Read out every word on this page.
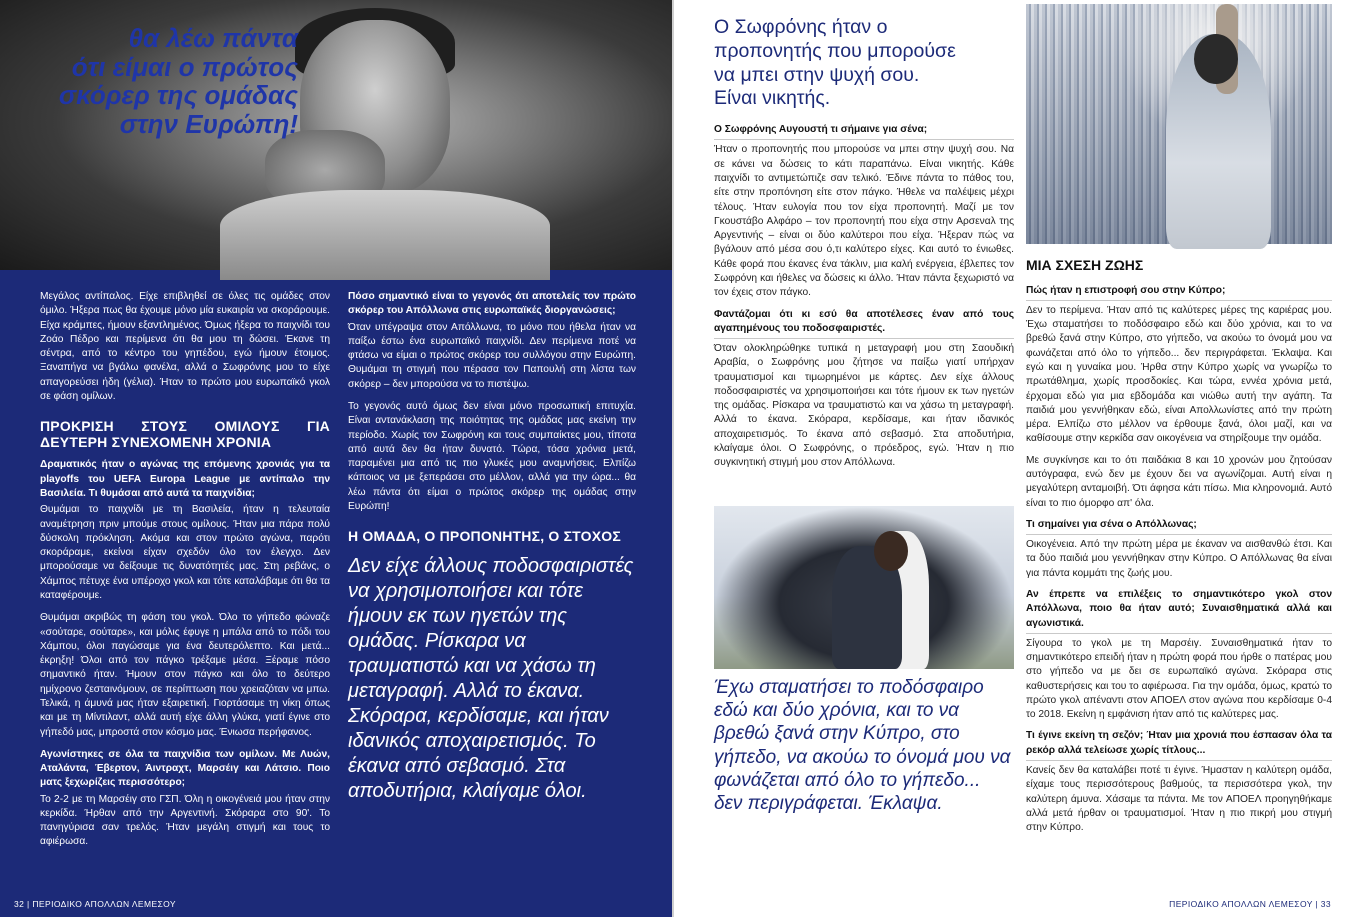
θα λέω πάντα
ότι είμαι ο πρώτος
σκόρερ της ομάδας
στην Ευρώπη!

Μεγάλος αντίπαλος. Είχε επιβληθεί σε όλες τις ομάδες στον όμιλο. Ήξερα πως θα έχουμε μόνο μία ευκαιρία να σκοράρουμε. Είχα κράμπες, ήμουν εξαντλημένος. Όμως ήξερα το παιχνίδι του Ζοάο Πέδρο και περίμενα ότι θα μου τη δώσει. Έκανε τη σέντρα, από το κέντρο του γηπέδου, εγώ ήμουν έτοιμος. Ξαναπήγα να βγάλω φανέλα, αλλά ο Σωφρόνης μου το είχε απαγορεύσει ήδη (γέλια). Ήταν το πρώτο μου ευρωπαϊκό γκολ σε φάση ομίλων.

ΠΡΟΚΡΙΣΗ ΣΤΟΥΣ ΟΜΙΛΟΥΣ ΓΙΑ ΔΕΥΤΕΡΗ ΣΥΝΕΧΟΜΕΝΗ ΧΡΟΝΙΑ

Δραματικός ήταν ο αγώνας της επόμενης χρονιάς για τα playoffs του UEFA Europa League με αντίπαλο την Βασιλεία. Τι θυμάσαι από αυτά τα παιχνίδια;

Θυμάμαι το παιχνίδι με τη Βασιλεία, ήταν η τελευταία αναμέτρηση πριν μπούμε στους ομίλους. Ήταν μια πάρα πολύ δύσκολη πρόκληση. Ακόμα και στον πρώτο αγώνα, παρότι σκοράραμε, εκείνοι είχαν σχεδόν όλο τον έλεγχο. Δεν μπορούσαμε να δείξουμε τις δυνατότητές μας. Στη ρεβάνς, ο Χάμπος πέτυχε ένα υπέροχο γκολ και τότε καταλάβαμε ότι θα τα καταφέρουμε.

Θυμάμαι ακριβώς τη φάση του γκολ. Όλο το γήπεδο φώναζε «σούταρε, σούταρε», και μόλις έφυγε η μπάλα από το πόδι του Χάμπου, όλοι παγώσαμε για ένα δευτερόλεπτο. Και μετά... έκρηξη! Όλοι από τον πάγκο τρέξαμε μέσα. Ξέραμε πόσο σημαντικό ήταν. Ήμουν στον πάγκο και όλο το δεύτερο ημίχρονο ζεσταινόμουν, σε περίπτωση που χρειαζόταν να μπω. Τελικά, η άμυνά μας ήταν εξαιρετική. Γιορτάσαμε τη νίκη όπως και με τη Μίντιλαντ, αλλά αυτή είχε άλλη γλύκα, γιατί έγινε στο γήπεδό μας, μπροστά στον κόσμο μας. Ένιωσα περήφανος.

Αγωνίστηκες σε όλα τα παιχνίδια των ομίλων. Με Λυών, Αταλάντα, Έβερτον, Άιντραχτ, Μαρσέιγ και Λάτσιο. Ποιο ματς ξεχωρίζεις περισσότερο;

Το 2-2 με τη Μαρσέιγ στο ΓΣΠ. Όλη η οικογένειά μου ήταν στην κερκίδα. Ήρθαν από την Αργεντινή. Σκόραρα στο 90'. Το πανηγύρισα σαν τρελός. Ήταν μεγάλη στιγμή και τους το αφιέρωσα.

Πόσο σημαντικό είναι το γεγονός ότι αποτελείς τον πρώτο σκόρερ του Απόλλωνα στις ευρωπαϊκές διοργανώσεις;

Όταν υπέγραψα στον Απόλλωνα, το μόνο που ήθελα ήταν να παίξω έστω ένα ευρωπαϊκό παιχνίδι. Δεν περίμενα ποτέ να φτάσω να είμαι ο πρώτος σκόρερ του συλλόγου στην Ευρώπη. Θυμάμαι τη στιγμή που πέρασα τον Παπουλή στη λίστα των σκόρερ – δεν μπορούσα να το πιστέψω.

Το γεγονός αυτό όμως δεν είναι μόνο προσωπική επιτυχία. Είναι αντανάκλαση της ποιότητας της ομάδας μας εκείνη την περίοδο. Χωρίς τον Σωφρόνη και τους συμπαίκτες μου, τίποτα από αυτά δεν θα ήταν δυνατό. Τώρα, τόσα χρόνια μετά, παραμένει μια από τις πιο γλυκές μου αναμνήσεις. Ελπίζω κάποιος να με ξεπεράσει στο μέλλον, αλλά για την ώρα... θα λέω πάντα ότι είμαι ο πρώτος σκόρερ της ομάδας στην Ευρώπη!

Η ΟΜΑΔΑ, Ο ΠΡΟΠΟΝΗΤΗΣ, Ο ΣΤΟΧΟΣ
Δεν είχε άλλους ποδοσφαιριστές να χρησιμοποιήσει και τότε ήμουν εκ των ηγετών της ομάδας. Ρίσκαρα να τραυματιστώ και να χάσω τη μεταγραφή. Αλλά το έκανα. Σκόραρα, κερδίσαμε, και ήταν ιδανικός αποχαιρετισμός. Το έκανα από σεβασμό. Στα αποδυτήρια, κλαίγαμε όλοι.
32 | ΠΕΡΙΟΔΙΚΟ ΑΠΟΛΛΩΝ ΛΕΜΕΣΟΥ
Ο Σωφρόνης ήταν ο
προπονητής που μπορούσε
να μπει στην ψυχή σου.
Είναι νικητής.

Ο Σωφρόνης Αυγουστή τι σήμαινε για σένα;

Ήταν ο προπονητής που μπορούσε να μπει στην ψυχή σου. Να σε κάνει να δώσεις το κάτι παραπάνω. Είναι νικητής. Κάθε παιχνίδι το αντιμετώπιζε σαν τελικό. Έδινε πάντα το πάθος του, είτε στην προπόνηση είτε στον πάγκο. Ήθελε να παλέψεις μέχρι τέλους. Ήταν ευλογία που τον είχα προπονητή. Μαζί με τον Γκουστάβο Αλφάρο – τον προπονητή που είχα στην Αρσεναλ της Αργεντινής – είναι οι δύο καλύτεροι που είχα. Ήξεραν πώς να βγάλουν από μέσα σου ό,τι καλύτερο είχες. Και αυτό το ένιωθες. Κάθε φορά που έκανες ένα τάκλιν, μια καλή ενέργεια, έβλεπες τον Σωφρόνη και ήθελες να δώσεις κι άλλο. Ήταν πάντα ξεχωριστό να τον έχεις στον πάγκο.

Φαντάζομαι ότι κι εσύ θα αποτέλεσες έναν από τους αγαπημένους του ποδοσφαιριστές.

Όταν ολοκληρώθηκε τυπικά η μεταγραφή μου στη Σαουδική Αραβία, ο Σωφρόνης μου ζήτησε να παίξω γιατί υπήρχαν τραυματισμοί και τιμωρημένοι με κάρτες. Δεν είχε άλλους ποδοσφαιριστές να χρησιμοποιήσει και τότε ήμουν εκ των ηγετών της ομάδας. Ρίσκαρα να τραυματιστώ και να χάσω τη μεταγραφή. Αλλά το έκανα. Σκόραρα, κερδίσαμε, και ήταν ιδανικός αποχαιρετισμός. Το έκανα από σεβασμό. Στα αποδυτήρια, κλαίγαμε όλοι. Ο Σωφρόνης, ο πρόεδρος, εγώ. Ήταν η πιο συγκινητική στιγμή μου στον Απόλλωνα.

Έχω σταματήσει το ποδόσφαιρο εδώ και δύο χρόνια, και το να βρεθώ ξανά στην Κύπρο, στο γήπεδο, να ακούω το όνομά μου να φωνάζεται από όλο το γήπεδο... δεν περιγράφεται. Έκλαψα.
ΜΙΑ ΣΧΕΣΗ ΖΩΗΣ

Πώς ήταν η επιστροφή σου στην Κύπρο;

Δεν το περίμενα. Ήταν από τις καλύτερες μέρες της καριέρας μου. Έχω σταματήσει το ποδόσφαιρο εδώ και δύο χρόνια, και το να βρεθώ ξανά στην Κύπρο, στο γήπεδο, να ακούω το όνομά μου να φωνάζεται από όλο το γήπεδο... δεν περιγράφεται. Έκλαψα. Και εγώ και η γυναίκα μου. Ήρθα στην Κύπρο χωρίς να γνωρίζω το πρωτάθλημα, χωρίς προσδοκίες. Και τώρα, εννέα χρόνια μετά, έρχομαι εδώ για μια εβδομάδα και νιώθω αυτή την αγάπη. Τα παιδιά μου γεννήθηκαν εδώ, είναι Απολλωνίστες από την πρώτη μέρα. Ελπίζω στο μέλλον να έρθουμε ξανά, όλοι μαζί, και να καθίσουμε στην κερκίδα σαν οικογένεια να στηρίξουμε την ομάδα.

Με συγκίνησε και το ότι παιδάκια 8 και 10 χρονών μου ζητούσαν αυτόγραφα, ενώ δεν με έχουν δει να αγωνίζομαι. Αυτή είναι η μεγαλύτερη ανταμοιβή. Ότι άφησα κάτι πίσω. Μια κληρονομιά. Αυτό είναι το πιο όμορφο απ' όλα.

Τι σημαίνει για σένα ο Απόλλωνας;

Οικογένεια. Από την πρώτη μέρα με έκαναν να αισθανθώ έτσι. Και τα δύο παιδιά μου γεννήθηκαν στην Κύπρο. Ο Απόλλωνας θα είναι για πάντα κομμάτι της ζωής μου.

Αν έπρεπε να επιλέξεις το σημαντικότερο γκολ στον Απόλλωνα, ποιο θα ήταν αυτό; Συναισθηματικά αλλά και αγωνιστικά.

Σίγουρα το γκολ με τη Μαρσέιγ. Συναισθηματικά ήταν το σημαντικότερο επειδή ήταν η πρώτη φορά που ήρθε ο πατέρας μου στο γήπεδο να με δει σε ευρωπαϊκό αγώνα. Σκόραρα στις καθυστερήσεις και του το αφιέρωσα. Για την ομάδα, όμως, κρατώ το πρώτο γκολ απέναντι στον ΑΠΟΕΛ στον αγώνα που κερδίσαμε 0-4 το 2018. Εκείνη η εμφάνιση ήταν από τις καλύτερες μας.

Τι έγινε εκείνη τη σεζόν; Ήταν μια χρονιά που έσπασαν όλα τα ρεκόρ αλλά τελείωσε χωρίς τίτλους...

Κανείς δεν θα καταλάβει ποτέ τι έγινε. Ήμασταν η καλύτερη ομάδα, είχαμε τους περισσότερους βαθμούς, τα περισσότερα γκολ, την καλύτερη άμυνα. Χάσαμε τα πάντα. Με τον ΑΠΟΕΛ προηγηθήκαμε αλλά μετά ήρθαν οι τραυματισμοί. Ήταν η πιο πικρή μου στιγμή στην Κύπρο.

ΠΕΡΙΟΔΙΚΟ ΑΠΟΛΛΩΝ ΛΕΜΕΣΟΥ | 33
